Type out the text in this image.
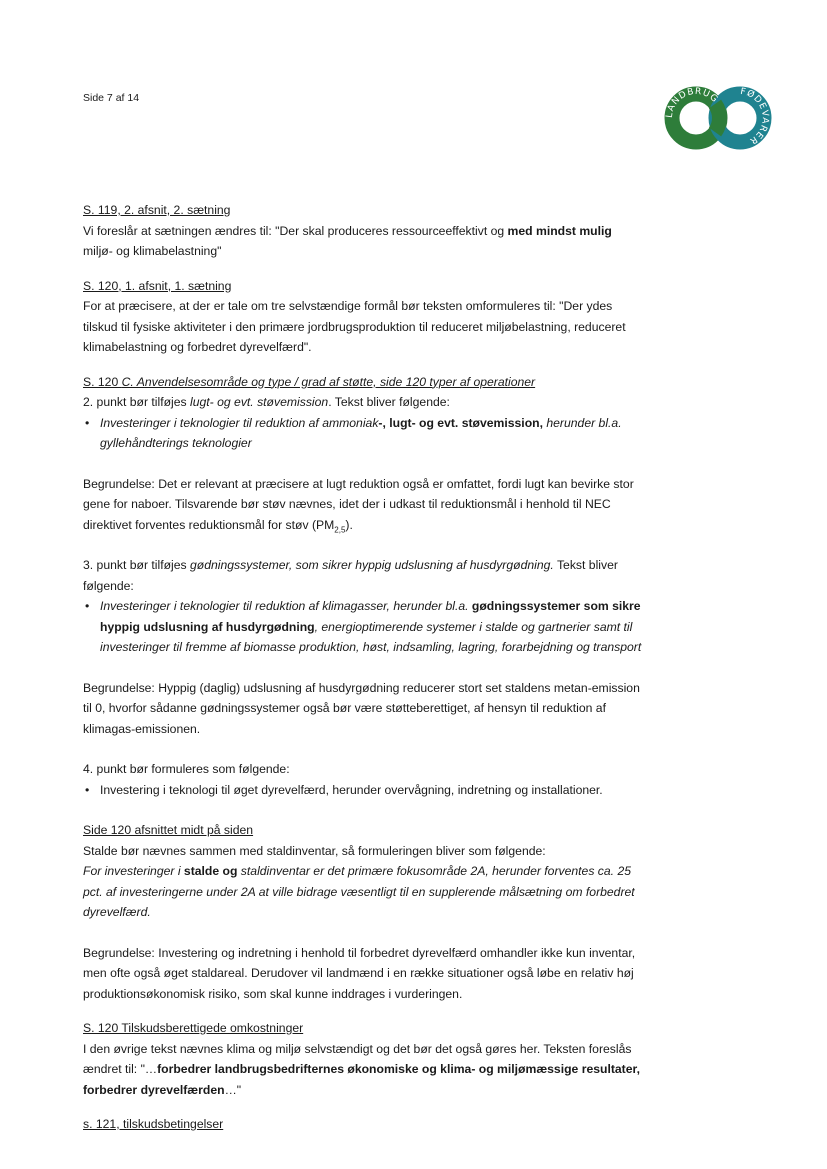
Side 7 af 14
LANDBRUG
FØDEVARER

S. 119, 2. afsnit, 2. sætning

Vi foreslår at sætningen ændres til: "Der skal produceres ressourceeffektivt og med mindst mulig
miljø- og klimabelastning"

S. 120, 1. afsnit, 1. sætning

For at præcisere, at der er tale om tre selvstændige formål bør teksten omformuleres til: "Der ydes tilskud til fysiske aktiviteter i den primære jordbrugsproduktion til reduceret miljøbelastning, reduceret klimabelastning og forbedret dyrevelfærd".

S. 120 C. Anvendelsesområde og type / grad af støtte, side 120 typer af operationer

2. punkt bør tilføjes lugt- og evt. støvemission. Tekst bliver følgende:

• Investeringer i teknologier til reduktion af ammoniak-, lugt- og evt. støvemission, herunder bl.a. gyllehåndterings teknologier

Begrundelse: Det er relevant at præcisere at lugt reduktion også er omfattet, fordi lugt kan bevirke stor gene for naboer. Tilsvarende bør støv nævnes, idet der i udkast til reduktionsmål i henhold til NEC direktivet forventes reduktionsmål for støv $(PM_{2,5})$.

3. punkt bør tilføjes gødningssystemer, som sikrer hyppig udslusning af husdyrgødning. Tekst bliver følgende:

• Investeringer i teknologier til reduktion af klimagasser, herunder bl.a. gødningssystemer som sikre hyppig udslusning af husdyrgødning, energioptimerende systemer i stalde og gartnerier samt til investeringer til fremme af biomasse produktion, høst, indsamling, lagring, forarbejdning og transport

Begrundelse: Hyppig (daglig) udslusning af husdyrgødning reducerer stort set staldens metan-emission til 0, hvorfor sådanne gødningssystemer også bør være støtteberettiget, af hensyn til reduktion af klimagas-emissionen.

4. punkt bør formuleres som følgende:

• Investering i teknologi til øget dyrevelfærd, herunder overvågning, indretning og installationer.

Side 120 afsnittet midt på siden

Stalde bør nævnes sammen med staldinventar, så formuleringen bliver som følgende:

For investeringer i stalde og staldinventar er det primære fokusområde 2A, herunder forventes ca. 25 pct. af investeringerne under 2A at ville bidrage væsentligt til en supplerende målsætning om forbedret dyrevelfærd.

Begrundelse: Investering og indretning i henhold til forbedret dyrevelfærd omhandler ikke kun inventar, men ofte også øget staldareal. Derudover vil landmænd i en række situationer også løbe en relativ høj produktionsøkonomisk risiko, som skal kunne inddrages i vurderingen.

S. 120 Tilskudsberettigede omkostninger

I den øvrige tekst nævnes klima og miljø selvstændigt og det bør det også gøres her. Teksten foreslås ændret til: "…forbedrer landbrugsbedrifternes økonomiske og klima- og miljømæssige resultater, forbedrer dyrevelfærden…"

s. 121, tilskudsbetingelser
